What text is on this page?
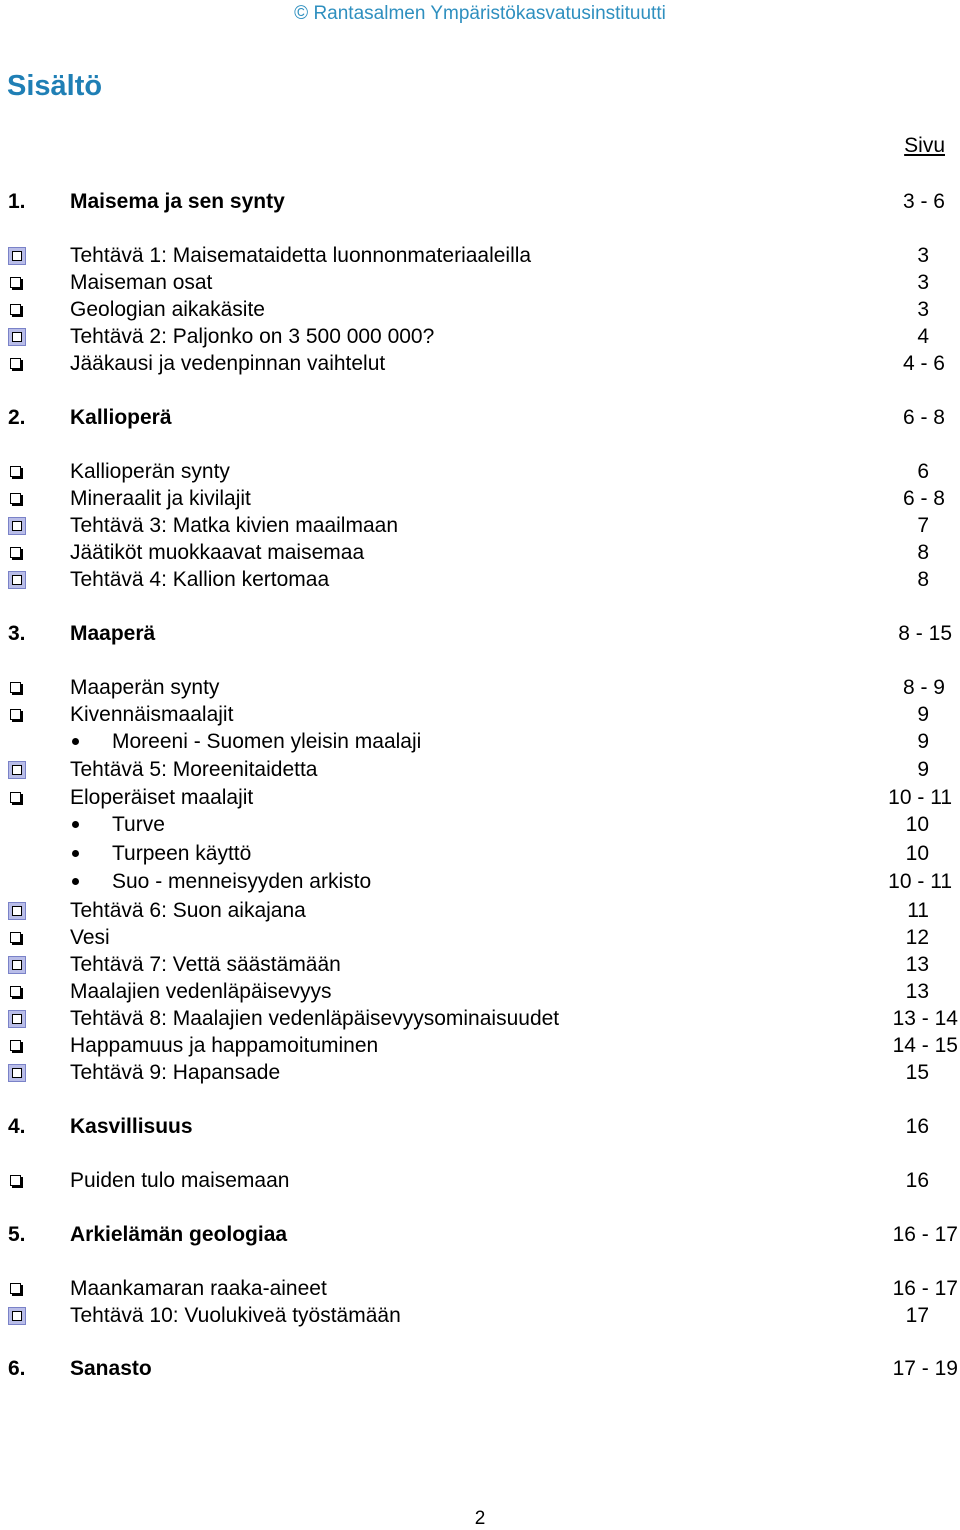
© Rantasalmen Ympäristökasvatusinstituutti
Sisältö
Sivu
1. Maisema ja sen synty	3 - 6
Tehtävä 1: Maisemataidetta luonnonmateriaaleilla	3
Maiseman osat	3
Geologian aikakäsite	3
Tehtävä 2: Paljonko on 3 500 000 000?	4
Jääkausi ja vedenpinnan vaihtelut	4 - 6
2. Kallioperä	6 - 8
Kallioperän synty	6
Mineraalit ja kivilajit	6 - 8
Tehtävä 3: Matka kivien maailmaan	7
Jäätiköt muokkaavat maisemaa	8
Tehtävä 4: Kallion kertomaa	8
3. Maaperä	8 - 15
Maaperän synty	8 - 9
Kivennäismaalajit	9
Moreeni - Suomen yleisin maalaji	9
Tehtävä 5: Moreenitaidetta	9
Eloperäiset maalajit	10 - 11
Turve	10
Turpeen käyttö	10
Suo - menneisyyden arkisto	10 - 11
Tehtävä 6: Suon aikajana	11
Vesi	12
Tehtävä 7: Vettä säästämään	13
Maalajien vedenläpäisevyys	13
Tehtävä 8: Maalajien vedenläpäisevyysominaisuudet	13 - 14
Happamuus ja happamoituminen	14 - 15
Tehtävä 9: Hapansade	15
4. Kasvillisuus	16
Puiden tulo maisemaan	16
5. Arkielämän geologiaa	16 - 17
Maankamaran raaka-aineet	16 - 17
Tehtävä 10: Vuolukiveä työstämään	17
6. Sanasto	17 - 19
2
